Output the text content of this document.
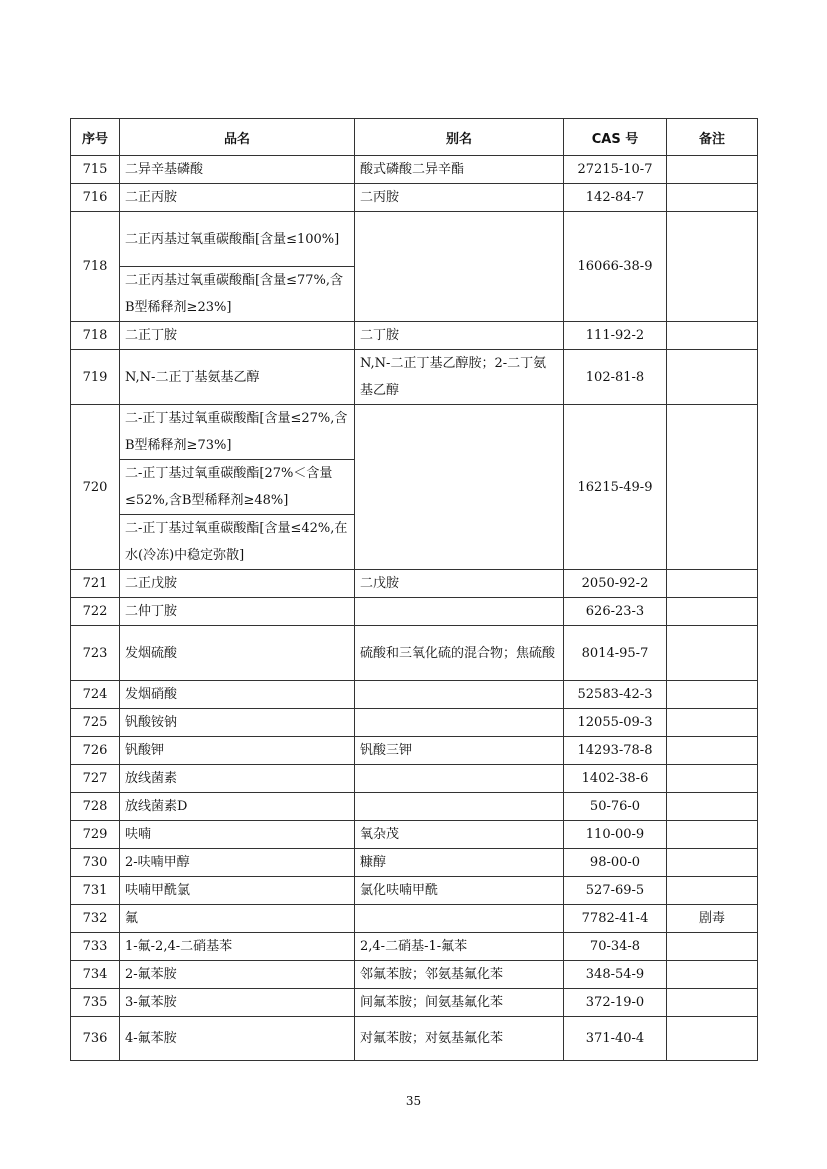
序号	品名	别名	CAS 号	备注
715	二异辛基磷酸	酸式磷酸二异辛酯	27215-10-7	
716	二正丙胺	二丙胺	142-84-7	
718	二正丙基过氧重碳酸酯[含量≤100%]		16066-38-9	
	二正丙基过氧重碳酸酯[含量≤77%,含B型稀释剂≥23%]			
718	二正丁胺	二丁胺	111-92-2	
719	N,N-二正丁基氨基乙醇	N,N-二正丁基乙醇胺；2-二丁氨基乙醇	102-81-8	
720	二-正丁基过氧重碳酸酯[含量≤27%,含B型稀释剂≥73%]		16215-49-9	
	二-正丁基过氧重碳酸酯[27%＜含量≤52%,含B型稀释剂≥48%]			
	二-正丁基过氧重碳酸酯[含量≤42%,在水(冷冻)中稳定弥散]			
721	二正戊胺	二戊胺	2050-92-2	
722	二仲丁胺		626-23-3	
723	发烟硫酸	硫酸和三氧化硫的混合物；焦硫酸	8014-95-7	
724	发烟硝酸		52583-42-3	
725	钒酸铵钠		12055-09-3	
726	钒酸钾	钒酸三钾	14293-78-8	
727	放线菌素		1402-38-6	
728	放线菌素D		50-76-0	
729	呋喃	氧杂茂	110-00-9	
730	2-呋喃甲醇	糠醇	98-00-0	
731	呋喃甲酰氯	氯化呋喃甲酰	527-69-5	
732	氟		7782-41-4	剧毒
733	1-氟-2,4-二硝基苯	2,4-二硝基-1-氟苯	70-34-8	
734	2-氟苯胺	邻氟苯胺；邻氨基氟化苯	348-54-9	
735	3-氟苯胺	间氟苯胺；间氨基氟化苯	372-19-0	
736	4-氟苯胺	对氟苯胺；对氨基氟化苯	371-40-4	
35
